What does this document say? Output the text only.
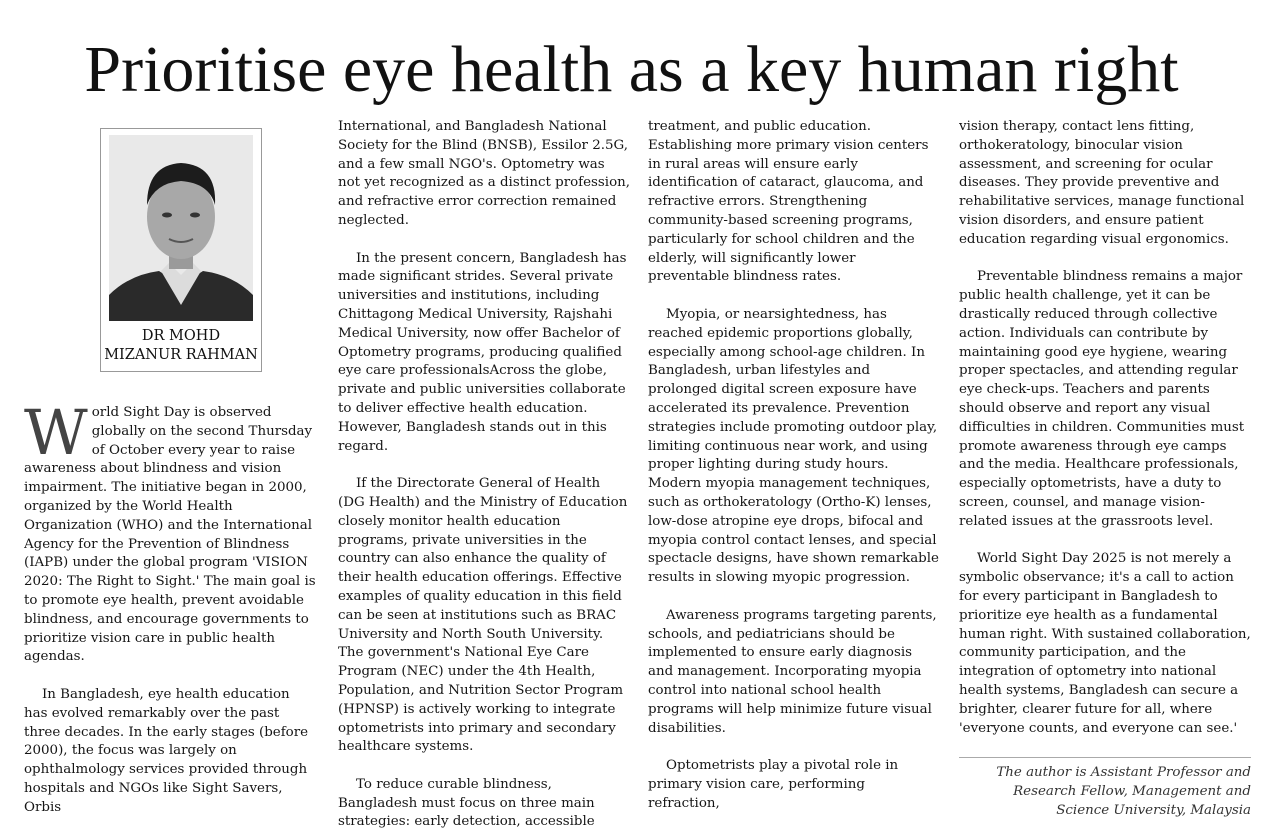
Prioritise eye health as a key human right
DR MOHD
MIZANUR RAHMAN

World Sight Day is observed globally on the second Thursday of October every year to raise awareness about blindness and vision impairment. The initiative began in 2000, organized by the World Health Organization (WHO) and the International Agency for the Prevention of Blindness (IAPB) under the global program 'VISION 2020: The Right to Sight.' The main goal is to promote eye health, prevent avoidable blindness, and encourage governments to prioritize vision care in public health agendas.

In Bangladesh, eye health education has evolved remarkably over the past three decades. In the early stages (before 2000), the focus was largely on ophthalmology services provided through hospitals and NGOs like Sight Savers, Orbis

International, and Bangladesh National Society for the Blind (BNSB), Essilor 2.5G, and a few small NGO's. Optometry was not yet recognized as a distinct profession, and refractive error correction remained neglected.

In the present concern, Bangladesh has made significant strides. Several private universities and institutions, including Chittagong Medical University, Rajshahi Medical University, now offer Bachelor of Optometry programs, producing qualified eye care professionalsAcross the globe, private and public universities collaborate to deliver effective health education. However, Bangladesh stands out in this regard.

If the Directorate General of Health (DG Health) and the Ministry of Education closely monitor health education programs, private universities in the country can also enhance the quality of their health education offerings. Effective examples of quality education in this field can be seen at institutions such as BRAC University and North South University. The government's National Eye Care Program (NEC) under the 4th Health, Population, and Nutrition Sector Program (HPNSP) is actively working to integrate optometrists into primary and secondary healthcare systems.

To reduce curable blindness, Bangladesh must focus on three main strategies: early detection, accessible

treatment, and public education. Establishing more primary vision centers in rural areas will ensure early identification of cataract, glaucoma, and refractive errors. Strengthening community-based screening programs, particularly for school children and the elderly, will significantly lower preventable blindness rates.

Myopia, or nearsightedness, has reached epidemic proportions globally, especially among school-age children. In Bangladesh, urban lifestyles and prolonged digital screen exposure have accelerated its prevalence. Prevention strategies include promoting outdoor play, limiting continuous near work, and using proper lighting during study hours. Modern myopia management techniques, such as orthokeratology (Ortho-K) lenses, low-dose atropine eye drops, bifocal and myopia control contact lenses, and special spectacle designs, have shown remarkable results in slowing myopic progression.

Awareness programs targeting parents, schools, and pediatricians should be implemented to ensure early diagnosis and management. Incorporating myopia control into national school health programs will help minimize future visual disabilities.

Optometrists play a pivotal role in primary vision care, performing refraction,

vision therapy, contact lens fitting, orthokeratology, binocular vision assessment, and screening for ocular diseases. They provide preventive and rehabilitative services, manage functional vision disorders, and ensure patient education regarding visual ergonomics.

Preventable blindness remains a major public health challenge, yet it can be drastically reduced through collective action. Individuals can contribute by maintaining good eye hygiene, wearing proper spectacles, and attending regular eye check-ups. Teachers and parents should observe and report any visual difficulties in children. Communities must promote awareness through eye camps and the media. Healthcare professionals, especially optometrists, have a duty to screen, counsel, and manage vision-related issues at the grassroots level.

World Sight Day 2025 is not merely a symbolic observance; it's a call to action for every participant in Bangladesh to prioritize eye health as a fundamental human right. With sustained collaboration, community participation, and the integration of optometry into national health systems, Bangladesh can secure a brighter, clearer future for all, where 'everyone counts, and everyone can see.'

The author is Assistant Professor and Research Fellow, Management and Science University, Malaysia
